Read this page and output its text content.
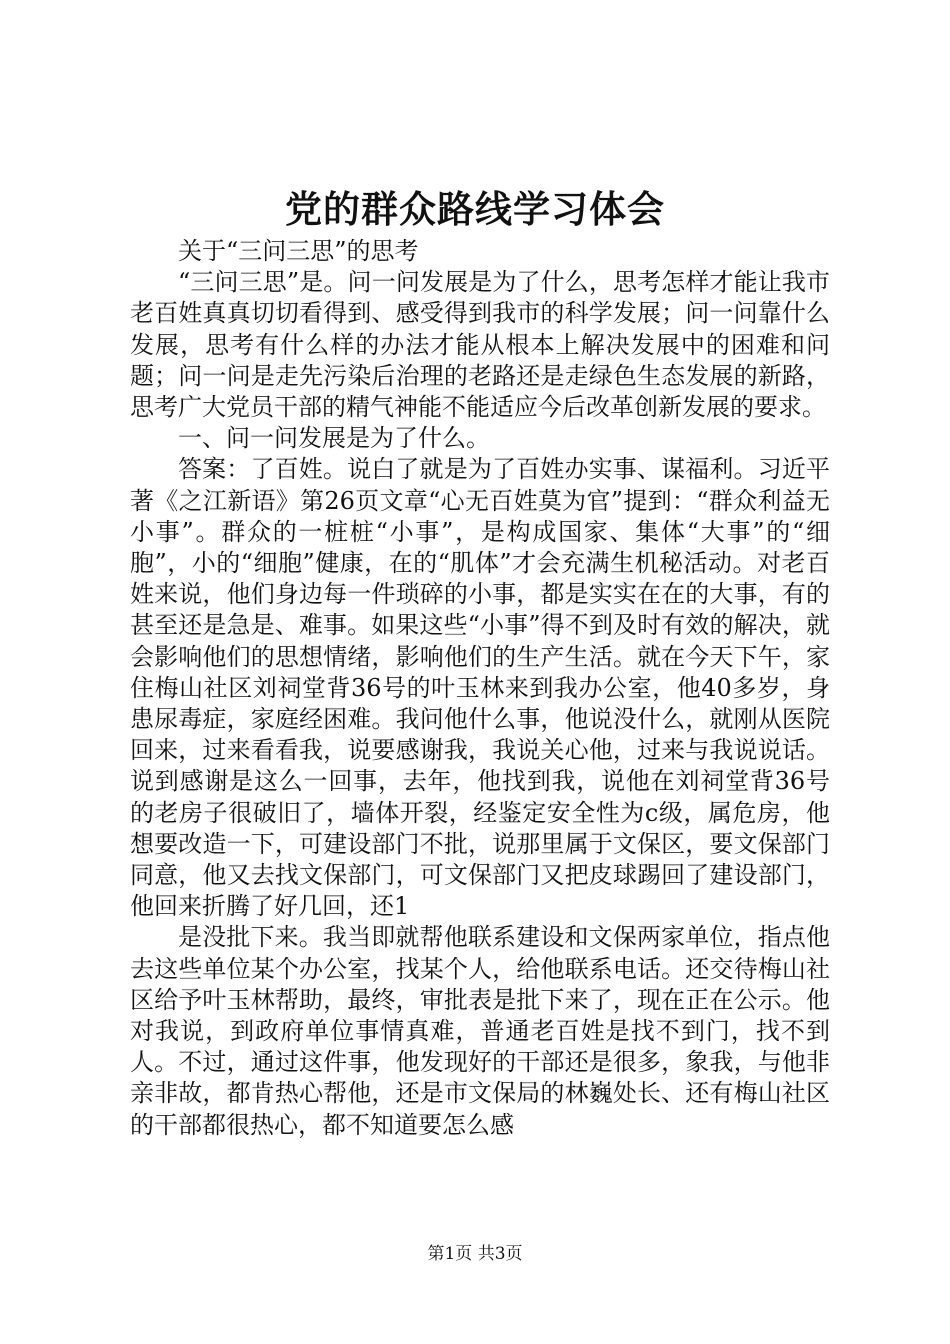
党的群众路线学习体会

关于“三问三思”的思考

“三问三思”是。问一问发展是为了什么，思考怎样才能让我市老百姓真真切切看得到、感受得到我市的科学发展；问一问靠什么发展，思考有什么样的办法才能从根本上解决发展中的困难和问题；问一问是走先污染后治理的老路还是走绿色生态发展的新路，思考广大党员干部的精气神能不能适应今后改革创新发展的要求。

一、问一问发展是为了什么。

答案：了百姓。说白了就是为了百姓办实事、谋福利。习近平著《之江新语》第26页文章“心无百姓莫为官”提到：“群众利益无小事”。群众的一桩桩“小事”，是构成国家、集体“大事”的“细胞”，小的“细胞”健康，在的“肌体”才会充满生机秘活动。对老百姓来说，他们身边每一件琐碎的小事，都是实实在在的大事，有的甚至还是急是、难事。如果这些“小事”得不到及时有效的解决，就会影响他们的思想情绪，影响他们的生产生活。就在今天下午，家住梅山社区刘祠堂背36号的叶玉林来到我办公室，他40多岁，身患尿毒症，家庭经困难。我问他什么事，他说没什么，就刚从医院回来，过来看看我，说要感谢我，我说关心他，过来与我说说话。说到感谢是这么一回事，去年，他找到我，说他在刘祠堂背36号的老房子很破旧了，墙体开裂，经鉴定安全性为c级，属危房，他想要改造一下，可建设部门不批，说那里属于文保区，要文保部门同意，他又去找文保部门，可文保部门又把皮球踢回了建设部门，他回来折腾了好几回，还1

是没批下来。我当即就帮他联系建设和文保两家单位，指点他去这些单位某个办公室，找某个人，给他联系电话。还交待梅山社区给予叶玉林帮助，最终，审批表是批下来了，现在正在公示。他对我说，到政府单位事情真难，普通老百姓是找不到门，找不到人。不过，通过这件事，他发现好的干部还是很多，象我，与他非亲非故，都肯热心帮他，还是市文保局的林巍处长、还有梅山社区的干部都很热心，都不知道要怎么感

第1页 共3页
